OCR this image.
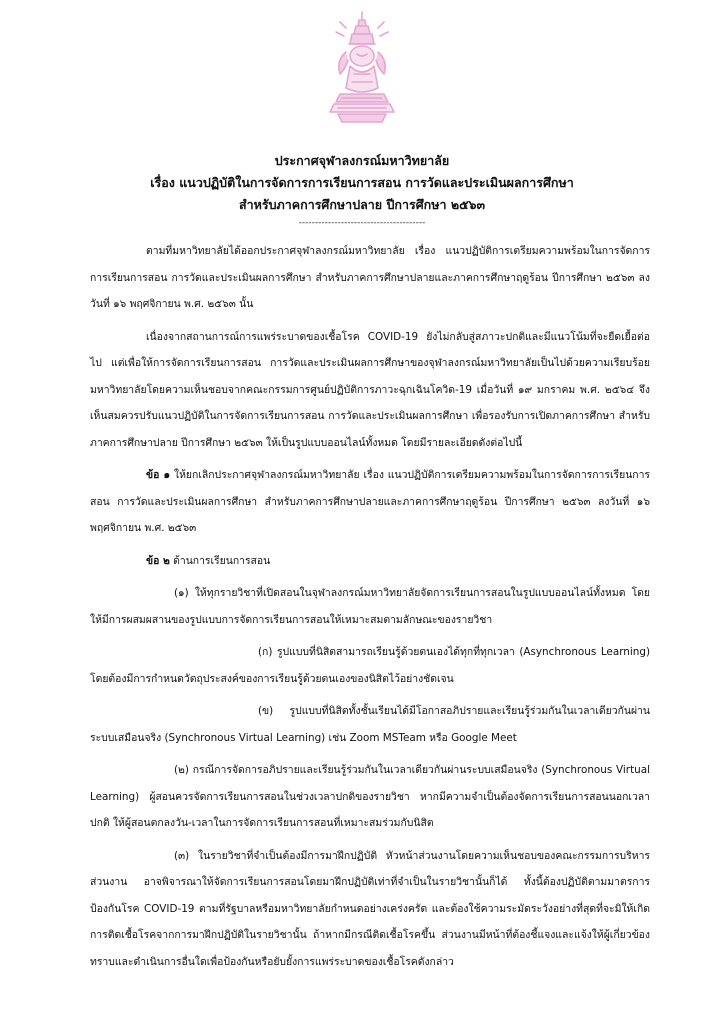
ประกาศจุฬาลงกรณ์มหาวิทยาลัย
เรื่อง แนวปฏิบัติในการจัดการการเรียนการสอน การวัดและประเมินผลการศึกษา
สำหรับภาคการศึกษาปลาย ปีการศึกษา ๒๕๖๓
---------------------------------------

ตามที่มหาวิทยาลัยได้ออกประกาศจุฬาลงกรณ์มหาวิทยาลัย เรื่อง แนวปฏิบัติการเตรียมความพร้อมในการจัดการการเรียนการสอน การวัดและประเมินผลการศึกษา สำหรับภาคการศึกษาปลายและภาคการศึกษาฤดูร้อน ปีการศึกษา ๒๕๖๓ ลงวันที่ ๑๖ พฤศจิกายน พ.ศ. ๒๕๖๓ นั้น

เนื่องจากสถานการณ์การแพร่ระบาดของเชื้อโรค COVID-19 ยังไม่กลับสู่สภาวะปกติและมีแนวโน้มที่จะยืดเยื้อต่อไป แต่เพื่อให้การจัดการเรียนการสอน การวัดและประเมินผลการศึกษาของจุฬาลงกรณ์มหาวิทยาลัยเป็นไปด้วยความเรียบร้อย มหาวิทยาลัยโดยความเห็นชอบจากคณะกรรมการศูนย์ปฏิบัติการภาวะฉุกเฉินโควิด-19 เมื่อวันที่ ๑๙ มกราคม พ.ศ. ๒๕๖๔ จึงเห็นสมควรปรับแนวปฏิบัติในการจัดการเรียนการสอน การวัดและประเมินผลการศึกษา เพื่อรองรับการเปิดภาคการศึกษา สำหรับภาคการศึกษาปลาย ปีการศึกษา ๒๕๖๓ ให้เป็นรูปแบบออนไลน์ทั้งหมด โดยมีรายละเอียดดังต่อไปนี้

ข้อ ๑ ให้ยกเลิกประกาศจุฬาลงกรณ์มหาวิทยาลัย เรื่อง แนวปฏิบัติการเตรียมความพร้อมในการจัดการการเรียนการสอน การวัดและประเมินผลการศึกษา สำหรับภาคการศึกษาปลายและภาคการศึกษาฤดูร้อน ปีการศึกษา ๒๕๖๓ ลงวันที่ ๑๖ พฤศจิกายน พ.ศ. ๒๕๖๓

ข้อ ๒ ด้านการเรียนการสอน

(๑) ให้ทุกรายวิชาที่เปิดสอนในจุฬาลงกรณ์มหาวิทยาลัยจัดการเรียนการสอนในรูปแบบออนไลน์ทั้งหมด โดยให้มีการผสมผสานของรูปแบบการจัดการเรียนการสอนให้เหมาะสมตามลักษณะของรายวิชา

(ก) รูปแบบที่นิสิตสามารถเรียนรู้ด้วยตนเองได้ทุกที่ทุกเวลา (Asynchronous Learning) โดยต้องมีการกำหนดวัตถุประสงค์ของการเรียนรู้ด้วยตนเองของนิสิตไว้อย่างชัดเจน

(ข) รูปแบบที่นิสิตทั้งชั้นเรียนได้มีโอกาสอภิปรายและเรียนรู้ร่วมกันในเวลาเดียวกันผ่านระบบเสมือนจริง (Synchronous Virtual Learning) เช่น Zoom MSTeam หรือ Google Meet

(๒) กรณีการจัดการอภิปรายและเรียนรู้ร่วมกันในเวลาเดียวกันผ่านระบบเสมือนจริง (Synchronous Virtual Learning) ผู้สอนควรจัดการเรียนการสอนในช่วงเวลาปกติของรายวิชา หากมีความจำเป็นต้องจัดการเรียนการสอนนอกเวลาปกติ ให้ผู้สอนตกลงวัน-เวลาในการจัดการเรียนการสอนที่เหมาะสมร่วมกับนิสิต

(๓) ในรายวิชาที่จำเป็นต้องมีการมาฝึกปฏิบัติ หัวหน้าส่วนงานโดยความเห็นชอบของคณะกรรมการบริหารส่วนงาน อาจพิจารณาให้จัดการเรียนการสอนโดยมาฝึกปฏิบัติเท่าที่จำเป็นในรายวิชานั้นก็ได้ ทั้งนี้ต้องปฏิบัติตามมาตรการป้องกันโรค COVID-19 ตามที่รัฐบาลหรือมหาวิทยาลัยกำหนดอย่างเคร่งครัด และต้องใช้ความระมัดระวังอย่างที่สุดที่จะมิให้เกิดการติดเชื้อโรคจากการมาฝึกปฏิบัติในรายวิชานั้น ถ้าหากมีกรณีติดเชื้อโรคขึ้น ส่วนงานมีหน้าที่ต้องชี้แจงและแจ้งให้ผู้เกี่ยวข้องทราบและดำเนินการอื่นใดเพื่อป้องกันหรือยับยั้งการแพร่ระบาดของเชื้อโรคดังกล่าว
